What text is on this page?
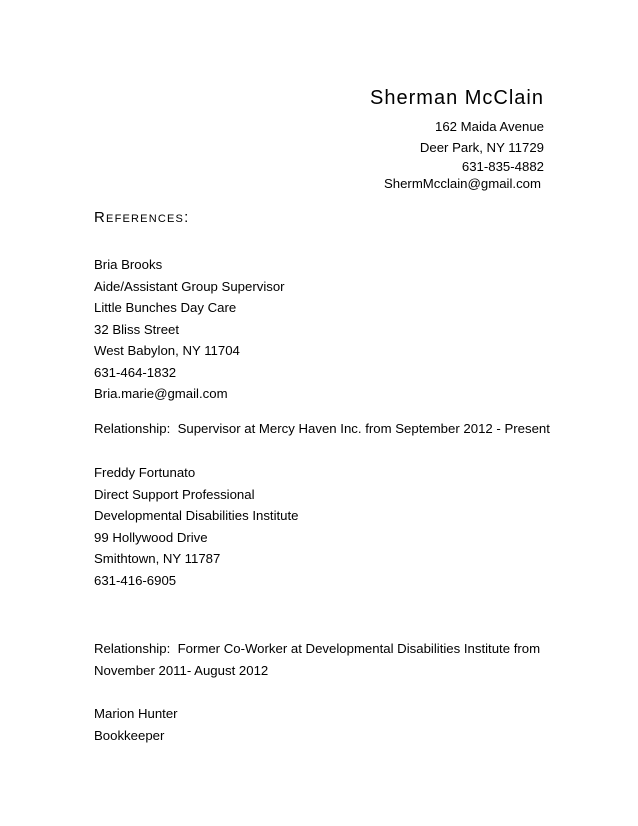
Sherman McClain
162 Maida Avenue
Deer Park, NY 11729
631-835-4882
ShermMcclain@gmail.com
References:
Bria Brooks
Aide/Assistant Group Supervisor
Little Bunches Day Care
32 Bliss Street
West Babylon, NY 11704
631-464-1832
Bria.marie@gmail.com
Relationship:  Supervisor at Mercy Haven Inc. from September 2012 - Present
Freddy Fortunato
Direct Support Professional
Developmental Disabilities Institute
99 Hollywood Drive
Smithtown, NY 11787
631-416-6905
Relationship:  Former Co-Worker at Developmental Disabilities Institute from
November 2011- August 2012
Marion Hunter
Bookkeeper
